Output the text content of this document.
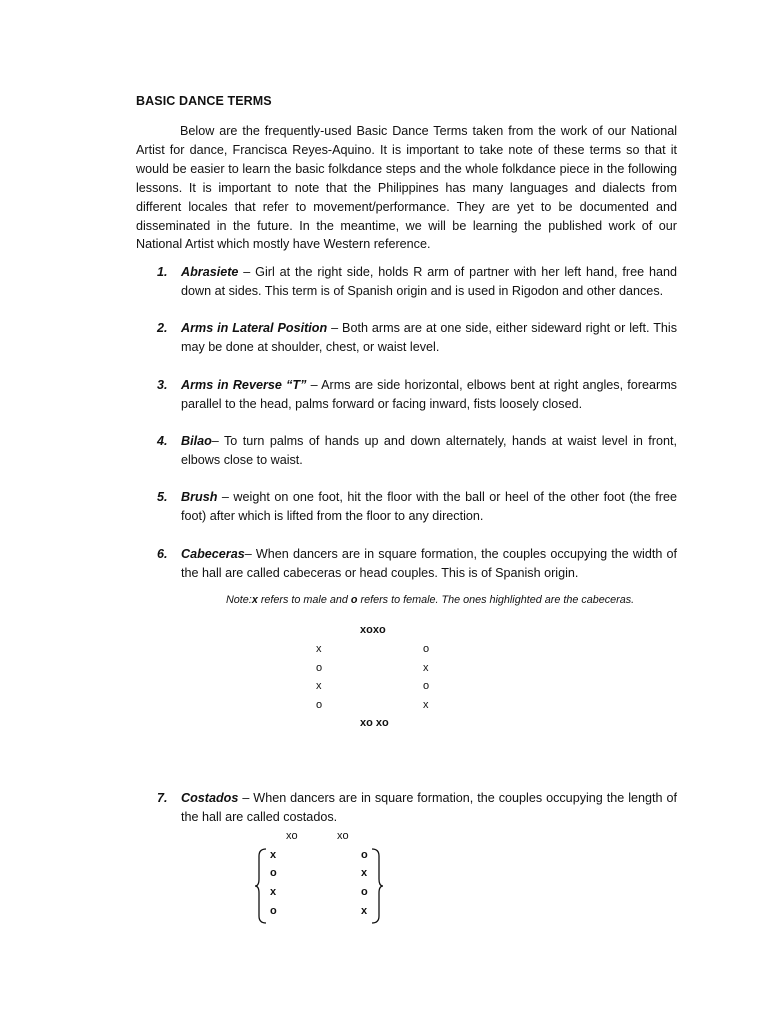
BASIC DANCE TERMS

Below are the frequently-used Basic Dance Terms taken from the work of our National Artist for dance, Francisca Reyes-Aquino. It is important to take note of these terms so that it would be easier to learn the basic folkdance steps and the whole folkdance piece in the following lessons. It is important to note that the Philippines has many languages and dialects from different locales that refer to movement/performance. They are yet to be documented and disseminated in the future. In the meantime, we will be learning the published work of our National Artist which mostly have Western reference.

1. Abrasiete – Girl at the right side, holds R arm of partner with her left hand, free hand down at sides. This term is of Spanish origin and is used in Rigodon and other dances.
2. Arms in Lateral Position – Both arms are at one side, either sideward right or left. This may be done at shoulder, chest, or waist level.
3. Arms in Reverse “T” – Arms are side horizontal, elbows bent at right angles, forearms parallel to the head, palms forward or facing inward, fists loosely closed.
4. Bilao– To turn palms of hands up and down alternately, hands at waist level in front, elbows close to waist.
5. Brush – weight on one foot, hit the floor with the ball or heel of the other foot (the free foot) after which is lifted from the floor to any direction.
6. Cabeceras– When dancers are in square formation, the couples occupying the width of the hall are called cabeceras or head couples. This is of Spanish origin.
Note:x refers to male and o refers to female. The ones highlighted are the cabeceras.
xoxo
x
o
x
o
o
x
o
x
xo xo
7. Costados – When dancers are in square formation, the couples occupying the length of the hall are called costados.
xo	xo
x
o
x
o
o
x
o
x
